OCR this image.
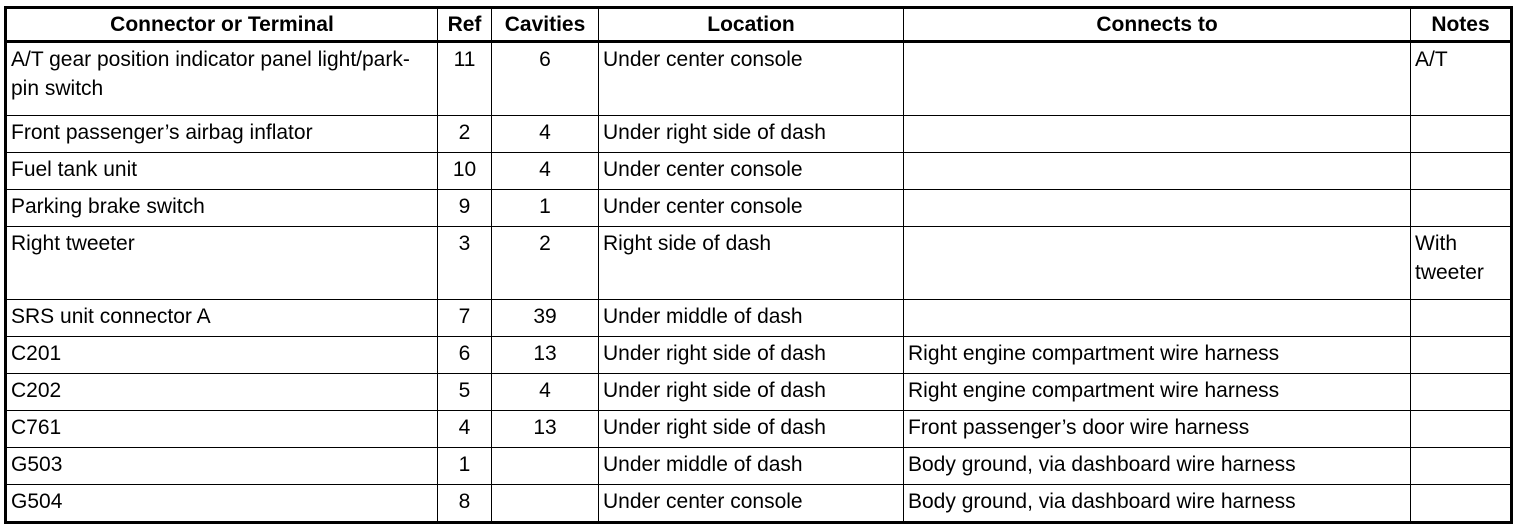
Connector or Terminal	Ref	Cavities	Location	Connects to	Notes
A/T gear position indicator panel light/park-pin switch	11	6	Under center console		A/T
Front passenger’s airbag inflator	2	4	Under right side of dash		
Fuel tank unit	10	4	Under center console		
Parking brake switch	9	1	Under center console		
Right tweeter	3	2	Right side of dash		With tweeter
SRS unit connector A	7	39	Under middle of dash		
C201	6	13	Under right side of dash	Right engine compartment wire harness	
C202	5	4	Under right side of dash	Right engine compartment wire harness	
C761	4	13	Under right side of dash	Front passenger’s door wire harness	
G503	1		Under middle of dash	Body ground, via dashboard wire harness	
G504	8		Under center console	Body ground, via dashboard wire harness	
